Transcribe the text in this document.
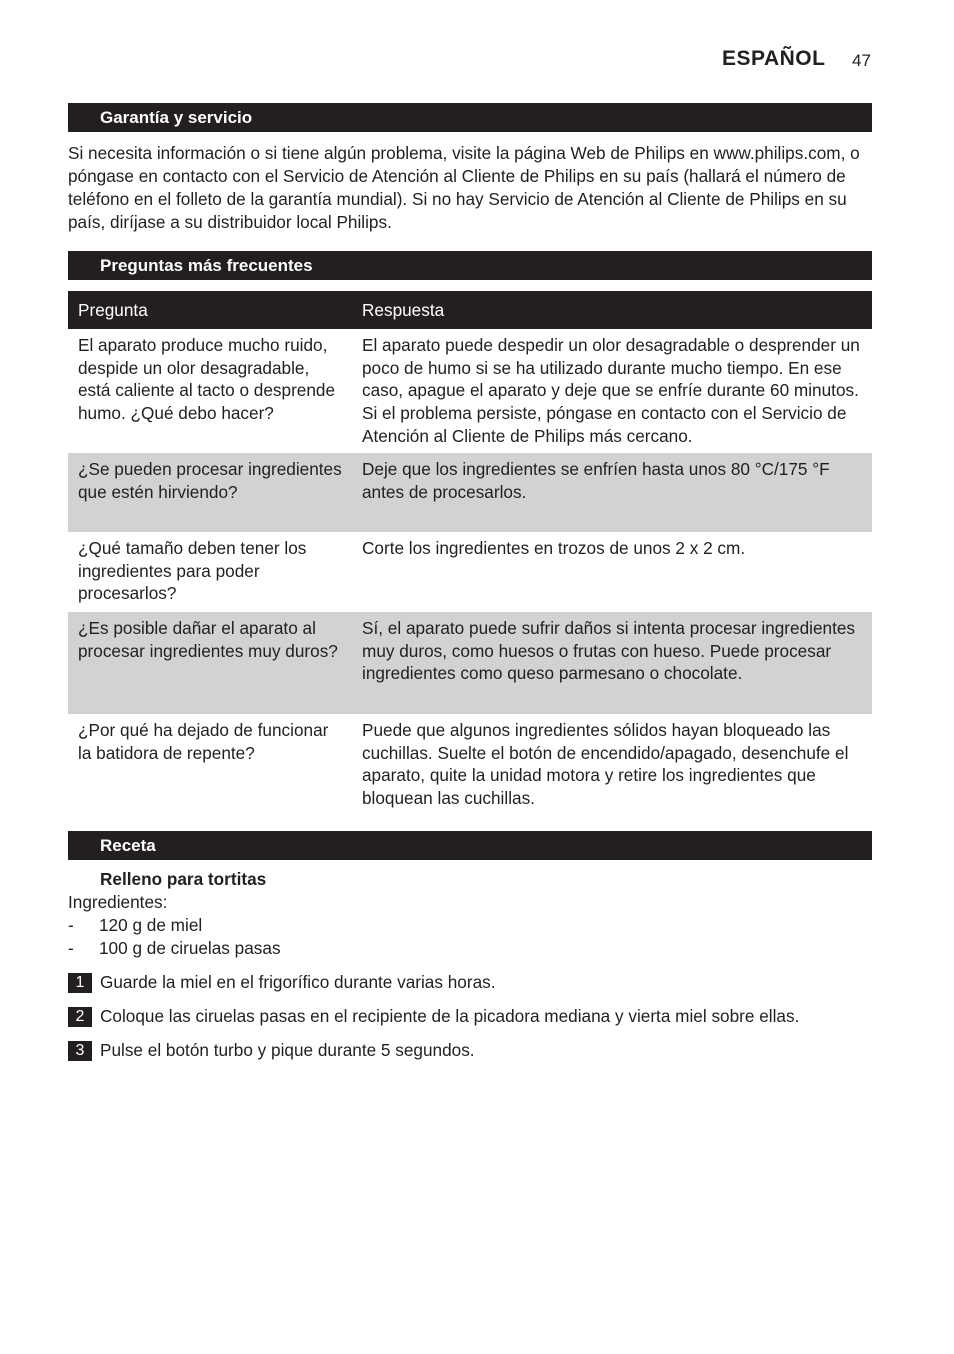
ESPAÑOL 47
Garantía y servicio

Si necesita información o si tiene algún problema, visite la página Web de Philips en www.philips.com, o póngase en contacto con el Servicio de Atención al Cliente de Philips en su país (hallará el número de teléfono en el folleto de la garantía mundial). Si no hay Servicio de Atención al Cliente de Philips en su país, diríjase a su distribuidor local Philips.

Preguntas más frecuentes
Pregunta	Respuesta
El aparato produce mucho ruido, despide un olor desagradable, está caliente al tacto o desprende humo. ¿Qué debo hacer?
El aparato puede despedir un olor desagradable o desprender un poco de humo si se ha utilizado durante mucho tiempo. En ese caso, apague el aparato y deje que se enfríe durante 60 minutos. Si el problema persiste, póngase en contacto con el Servicio de Atención al Cliente de Philips más cercano.
¿Se pueden procesar ingredientes que estén hirviendo?
Deje que los ingredientes se enfríen hasta unos 80 °C/175 °F antes de procesarlos.
¿Qué tamaño deben tener los ingredientes para poder procesarlos?
Corte los ingredientes en trozos de unos 2 x 2 cm.
¿Es posible dañar el aparato al procesar ingredientes muy duros?
Sí, el aparato puede sufrir daños si intenta procesar ingredientes muy duros, como huesos o frutas con hueso. Puede procesar ingredientes como queso parmesano o chocolate.
¿Por qué ha dejado de funcionar la batidora de repente?
Puede que algunos ingredientes sólidos hayan bloqueado las cuchillas. Suelte el botón de encendido/apagado, desenchufe el aparato, quite la unidad motora y retire los ingredientes que bloquean las cuchillas.
Receta
Relleno para tortitas
Ingredientes:
- 120 g de miel
- 100 g de ciruelas pasas
1 Guarde la miel en el frigorífico durante varias horas.
2 Coloque las ciruelas pasas en el recipiente de la picadora mediana y vierta miel sobre ellas.
3 Pulse el botón turbo y pique durante 5 segundos.
